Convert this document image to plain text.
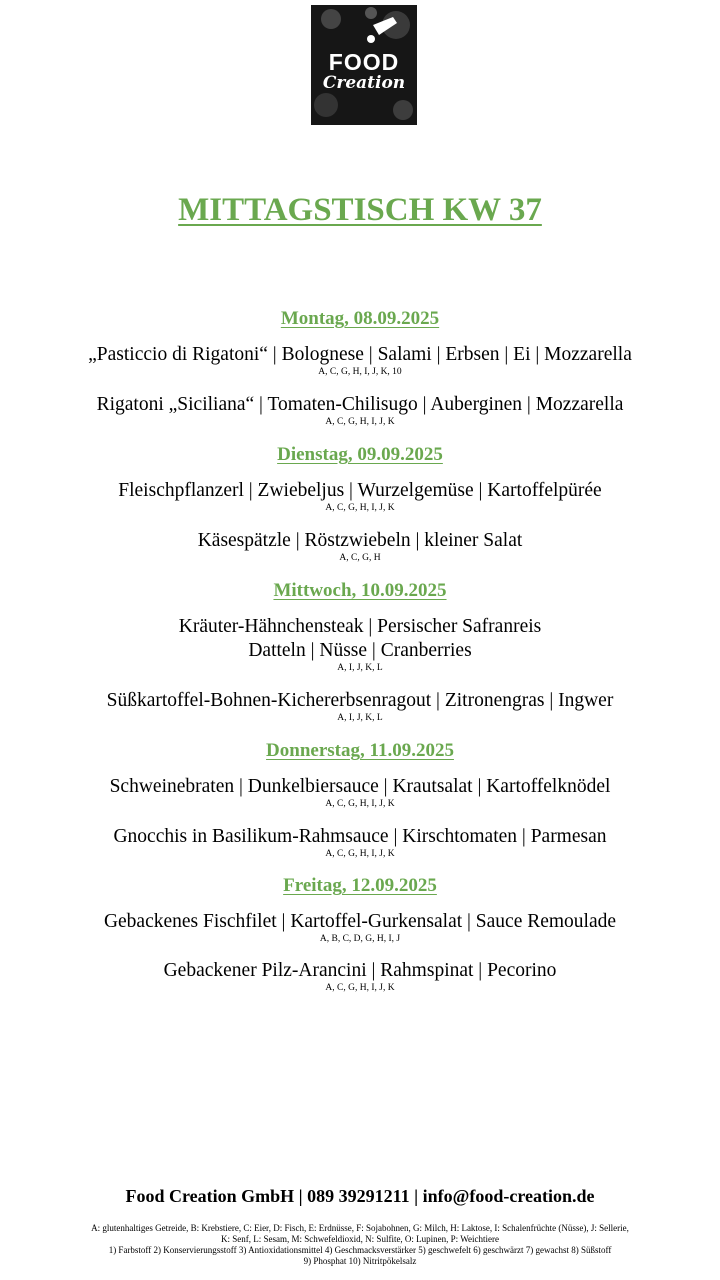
FOOD
Creation
MITTAGSTISCH KW 37
Montag, 08.09.2025
„Pasticcio di Rigatoni“ | Bolognese | Salami | Erbsen | Ei | Mozzarella
A, C, G, H, I, J, K, 10
Rigatoni „Siciliana“ | Tomaten-Chilisugo | Auberginen | Mozzarella
A, C, G, H, I, J, K
Dienstag, 09.09.2025
Fleischpflanzerl | Zwiebeljus | Wurzelgemüse | Kartoffelpürée
A, C, G, H, I, J, K
Käsespätzle | Röstzwiebeln | kleiner Salat
A, C, G, H
Mittwoch, 10.09.2025
Kräuter-Hähnchensteak | Persischer Safranreis
Datteln | Nüsse | Cranberries
A, I, J, K, L
Süßkartoffel-Bohnen-Kichererbsenragout | Zitronengras | Ingwer
A, I, J, K, L
Donnerstag, 11.09.2025
Schweinebraten | Dunkelbiersauce | Krautsalat | Kartoffelknödel
A, C, G, H, I, J, K
Gnocchis in Basilikum-Rahmsauce | Kirschtomaten | Parmesan
A, C, G, H, I, J, K
Freitag, 12.09.2025
Gebackenes Fischfilet | Kartoffel-Gurkensalat | Sauce Remoulade
A, B, C, D, G, H, I, J
Gebackener Pilz-Arancini | Rahmspinat | Pecorino
A, C, G, H, I, J, K
Food Creation GmbH | 089 39291211 | info@food-creation.de
A: glutenhaltiges Getreide, B: Krebstiere, C: Eier, D: Fisch, E: Erdnüsse, F: Sojabohnen, G: Milch, H: Laktose, I: Schalenfrüchte (Nüsse), J: Sellerie,
K: Senf, L: Sesam, M: Schwefeldioxid, N: Sulfite, O: Lupinen, P: Weichtiere
1) Farbstoff 2) Konservierungsstoff 3) Antioxidationsmittel 4) Geschmacksverstärker 5) geschwefelt 6) geschwärzt 7) gewachst 8) Süßstoff
9) Phosphat 10) Nitritpökelsalz
